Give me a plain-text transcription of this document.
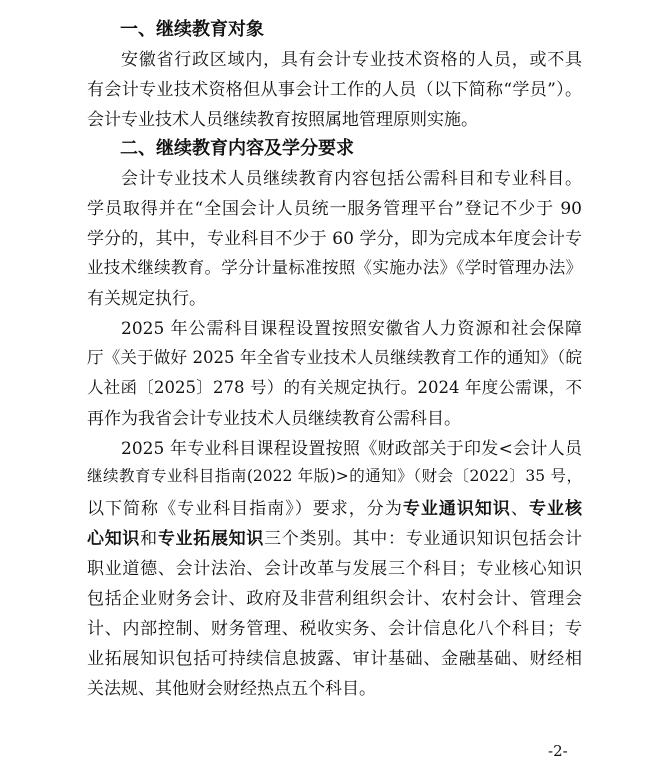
一、继续教育对象
安徽省行政区域内，具有会计专业技术资格的人员，或不具
有会计专业技术资格但从事会计工作的人员（以下简称“学员”）。
会计专业技术人员继续教育按照属地管理原则实施。
二、继续教育内容及学分要求
会计专业技术人员继续教育内容包括公需科目和专业科目。
学员取得并在“全国会计人员统一服务管理平台”登记不少于 90
学分的，其中，专业科目不少于 60 学分，即为完成本年度会计专
业技术继续教育。学分计量标准按照《实施办法》《学时管理办法》
有关规定执行。
2025 年公需科目课程设置按照安徽省人力资源和社会保障
厅《关于做好 2025 年全省专业技术人员继续教育工作的通知》（皖
人社函〔2025〕278 号）的有关规定执行。2024 年度公需课，不
再作为我省会计专业技术人员继续教育公需科目。
2025 年专业科目课程设置按照《财政部关于印发<会计人员
继续教育专业科目指南(2022 年版)>的通知》（财会〔2022〕35 号，
以下简称《专业科目指南》）要求，分为专业通识知识、专业核
心知识和专业拓展知识三个类别。其中：专业通识知识包括会计
职业道德、会计法治、会计改革与发展三个科目；专业核心知识
包括企业财务会计、政府及非营利组织会计、农村会计、管理会
计、内部控制、财务管理、税收实务、会计信息化八个科目；专
业拓展知识包括可持续信息披露、审计基础、金融基础、财经相
关法规、其他财会财经热点五个科目。
-2-
